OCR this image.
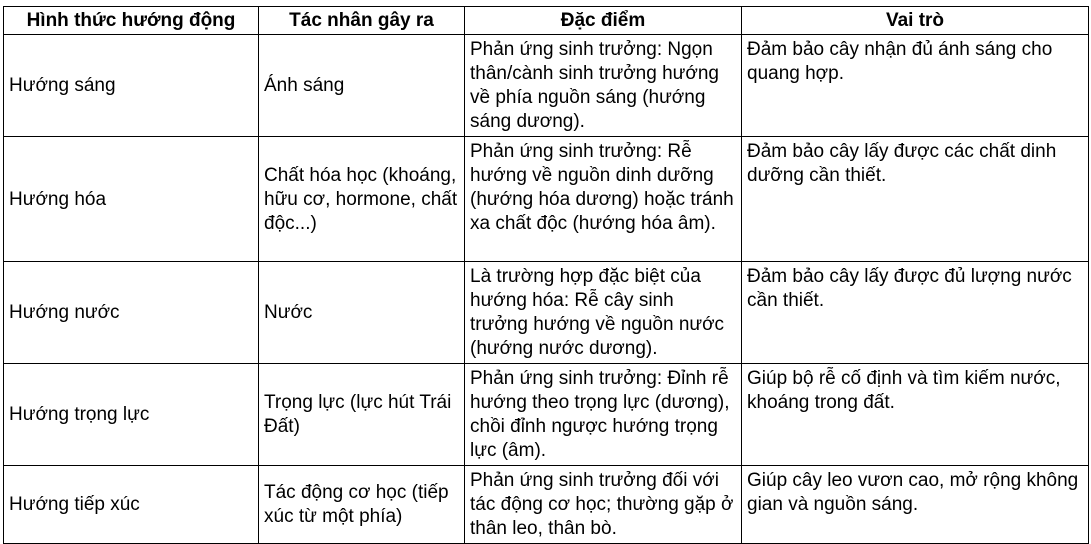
Hình thức hướng động	Tác nhân gây ra	Đặc điểm	Vai trò
Hướng sáng	Ánh sáng	Phản ứng sinh trưởng: Ngọn thân/cành sinh trưởng hướng về phía nguồn sáng (hướng sáng dương).	Đảm bảo cây nhận đủ ánh sáng cho quang hợp.
Hướng hóa	Chất hóa học (khoáng, hữu cơ, hormone, chất độc...)	Phản ứng sinh trưởng: Rễ hướng về nguồn dinh dưỡng (hướng hóa dương) hoặc tránh xa chất độc (hướng hóa âm).	Đảm bảo cây lấy được các chất dinh dưỡng cần thiết.
Hướng nước	Nước	Là trường hợp đặc biệt của hướng hóa: Rễ cây sinh trưởng hướng về nguồn nước (hướng nước dương).	Đảm bảo cây lấy được đủ lượng nước cần thiết.
Hướng trọng lực	Trọng lực (lực hút Trái Đất)	Phản ứng sinh trưởng: Đỉnh rễ hướng theo trọng lực (dương), chồi đỉnh ngược hướng trọng lực (âm).	Giúp bộ rễ cố định và tìm kiếm nước, khoáng trong đất.
Hướng tiếp xúc	Tác động cơ học (tiếp xúc từ một phía)	Phản ứng sinh trưởng đối với tác động cơ học; thường gặp ở thân leo, thân bò.	Giúp cây leo vươn cao, mở rộng không gian và nguồn sáng.
